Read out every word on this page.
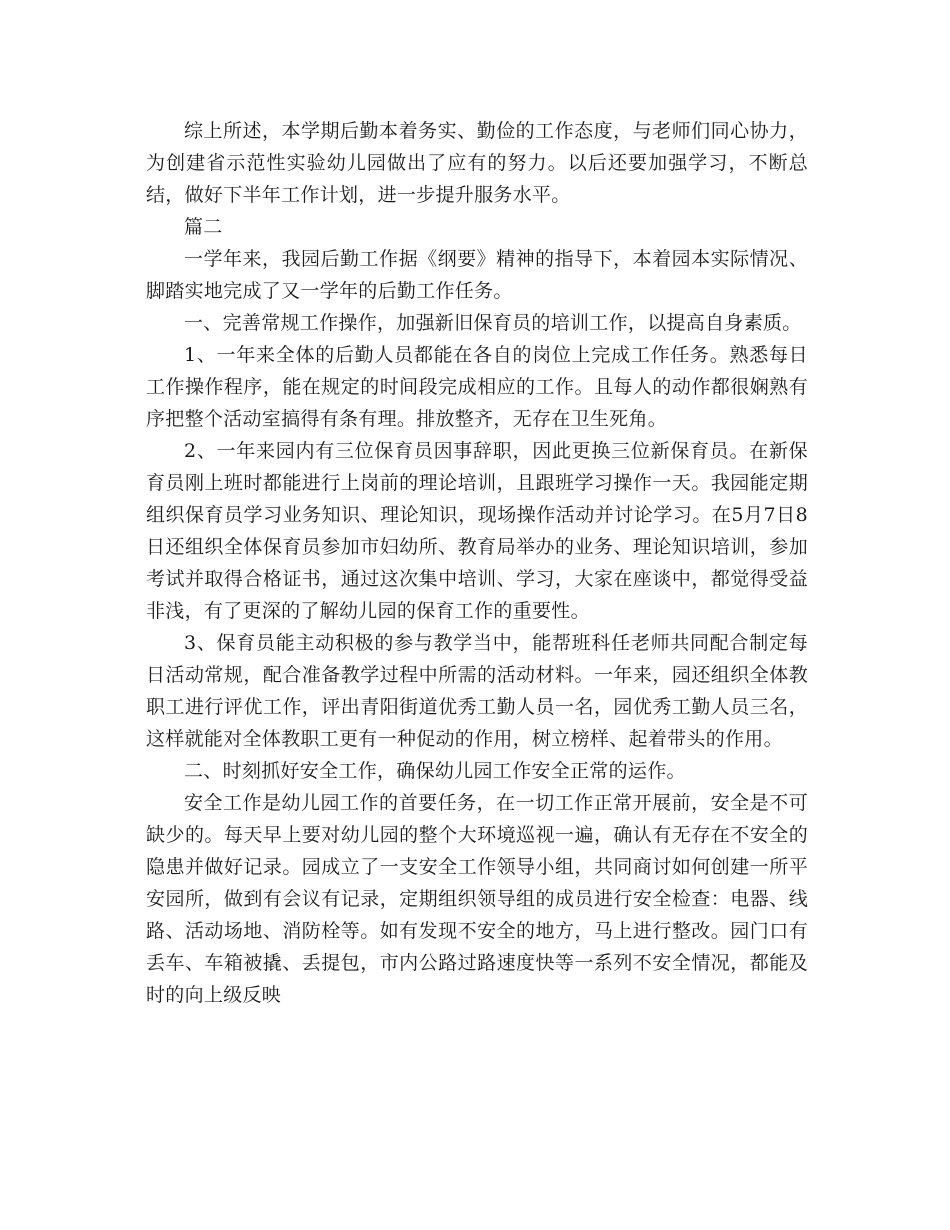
综上所述，本学期后勤本着务实、勤俭的工作态度，与老师们同心协力，为创建省示范性实验幼儿园做出了应有的努力。以后还要加强学习，不断总结，做好下半年工作计划，进一步提升服务水平。

篇二

一学年来，我园后勤工作据《纲要》精神的指导下，本着园本实际情况、脚踏实地完成了又一学年的后勤工作任务。

一、完善常规工作操作，加强新旧保育员的培训工作，以提高自身素质。

1、一年来全体的后勤人员都能在各自的岗位上完成工作任务。熟悉每日工作操作程序，能在规定的时间段完成相应的工作。且每人的动作都很娴熟有序把整个活动室搞得有条有理。排放整齐，无存在卫生死角。

2、一年来园内有三位保育员因事辞职，因此更换三位新保育员。在新保育员刚上班时都能进行上岗前的理论培训，且跟班学习操作一天。我园能定期组织保育员学习业务知识、理论知识，现场操作活动并讨论学习。在5月7日8日还组织全体保育员参加市妇幼所、教育局举办的业务、理论知识培训，参加考试并取得合格证书，通过这次集中培训、学习，大家在座谈中，都觉得受益非浅，有了更深的了解幼儿园的保育工作的重要性。

3、保育员能主动积极的参与教学当中，能帮班科任老师共同配合制定每日活动常规，配合准备教学过程中所需的活动材料。一年来，园还组织全体教职工进行评优工作，评出青阳街道优秀工勤人员一名，园优秀工勤人员三名，这样就能对全体教职工更有一种促动的作用，树立榜样、起着带头的作用。

二、时刻抓好安全工作，确保幼儿园工作安全正常的运作。

安全工作是幼儿园工作的首要任务，在一切工作正常开展前，安全是不可缺少的。每天早上要对幼儿园的整个大环境巡视一遍，确认有无存在不安全的隐患并做好记录。园成立了一支安全工作领导小组，共同商讨如何创建一所平安园所，做到有会议有记录，定期组织领导组的成员进行安全检查：电器、线路、活动场地、消防栓等。如有发现不安全的地方，马上进行整改。园门口有丢车、车箱被撬、丢提包，市内公路过路速度快等一系列不安全情况，都能及时的向上级反映
